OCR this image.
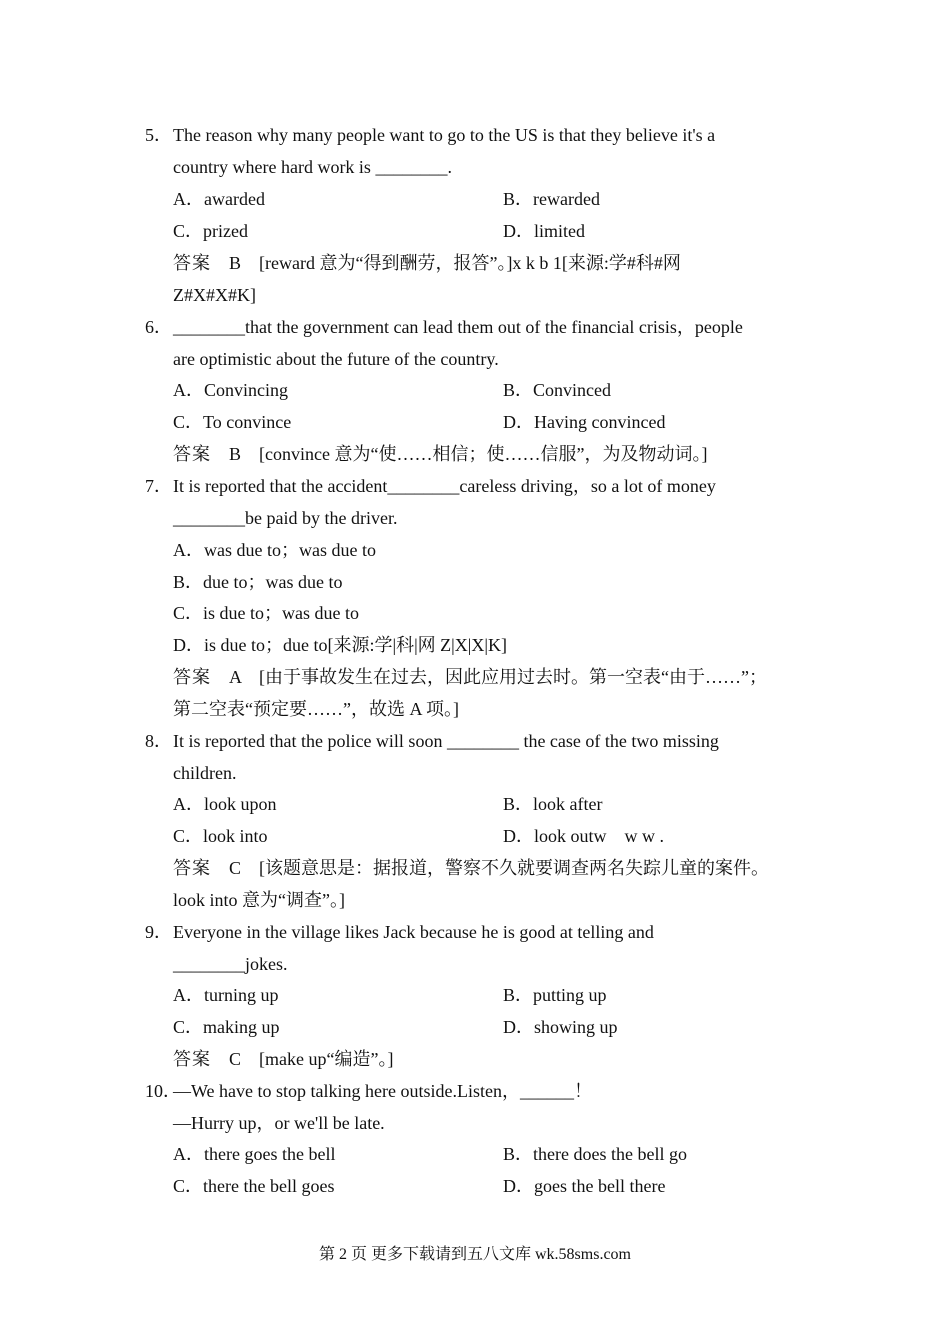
5． The reason why many people want to go to the US is that they believe it's a
country where hard work is ________.
A．awarded	B．rewarded
C．prized	D．limited
答案 B　[reward 意为“得到酬劳，报答”。]x k b 1[来源:学#科#网
Z#X#X#K]
6． ________that the government can lead them out of the financial crisis，people
are optimistic about the future of the country.
A．Convincing	B．Convinced
C．To convince	D．Having convinced
答案 B　[convince 意为“使……相信；使……信服”，为及物动词。]
7． It is reported that the accident________careless driving，so a lot of money
________be paid by the driver.
A．was due to；was due to
B．due to；was due to
C．is due to；was due to
D．is due to；due to[来源:学|科|网 Z|X|X|K]
答案 A　[由于事故发生在过去，因此应用过去时。第一空表“由于……”；
第二空表“预定要……”，故选 A 项。]
8． It is reported that the police will soon ________ the case of the two missing
children.
A．look upon	B．look after
C．look into	D．look outw　w w .
答案 C　[该题意思是：据报道，警察不久就要调查两名失踪儿童的案件。
look into 意为“调查”。]
9． Everyone in the village likes Jack because he is good at telling and
________jokes.
A．turning up	B．putting up
C．making up	D．showing up
答案 C　[make up“编造”。]
10．
—We have to stop talking here outside.Listen，______！
—Hurry up，or we'll be late.
A．there goes the bell	B．there does the bell go
C．there the bell goes	D．goes the bell there
第 2 页 更多下载请到五八文库 wk.58sms.com
